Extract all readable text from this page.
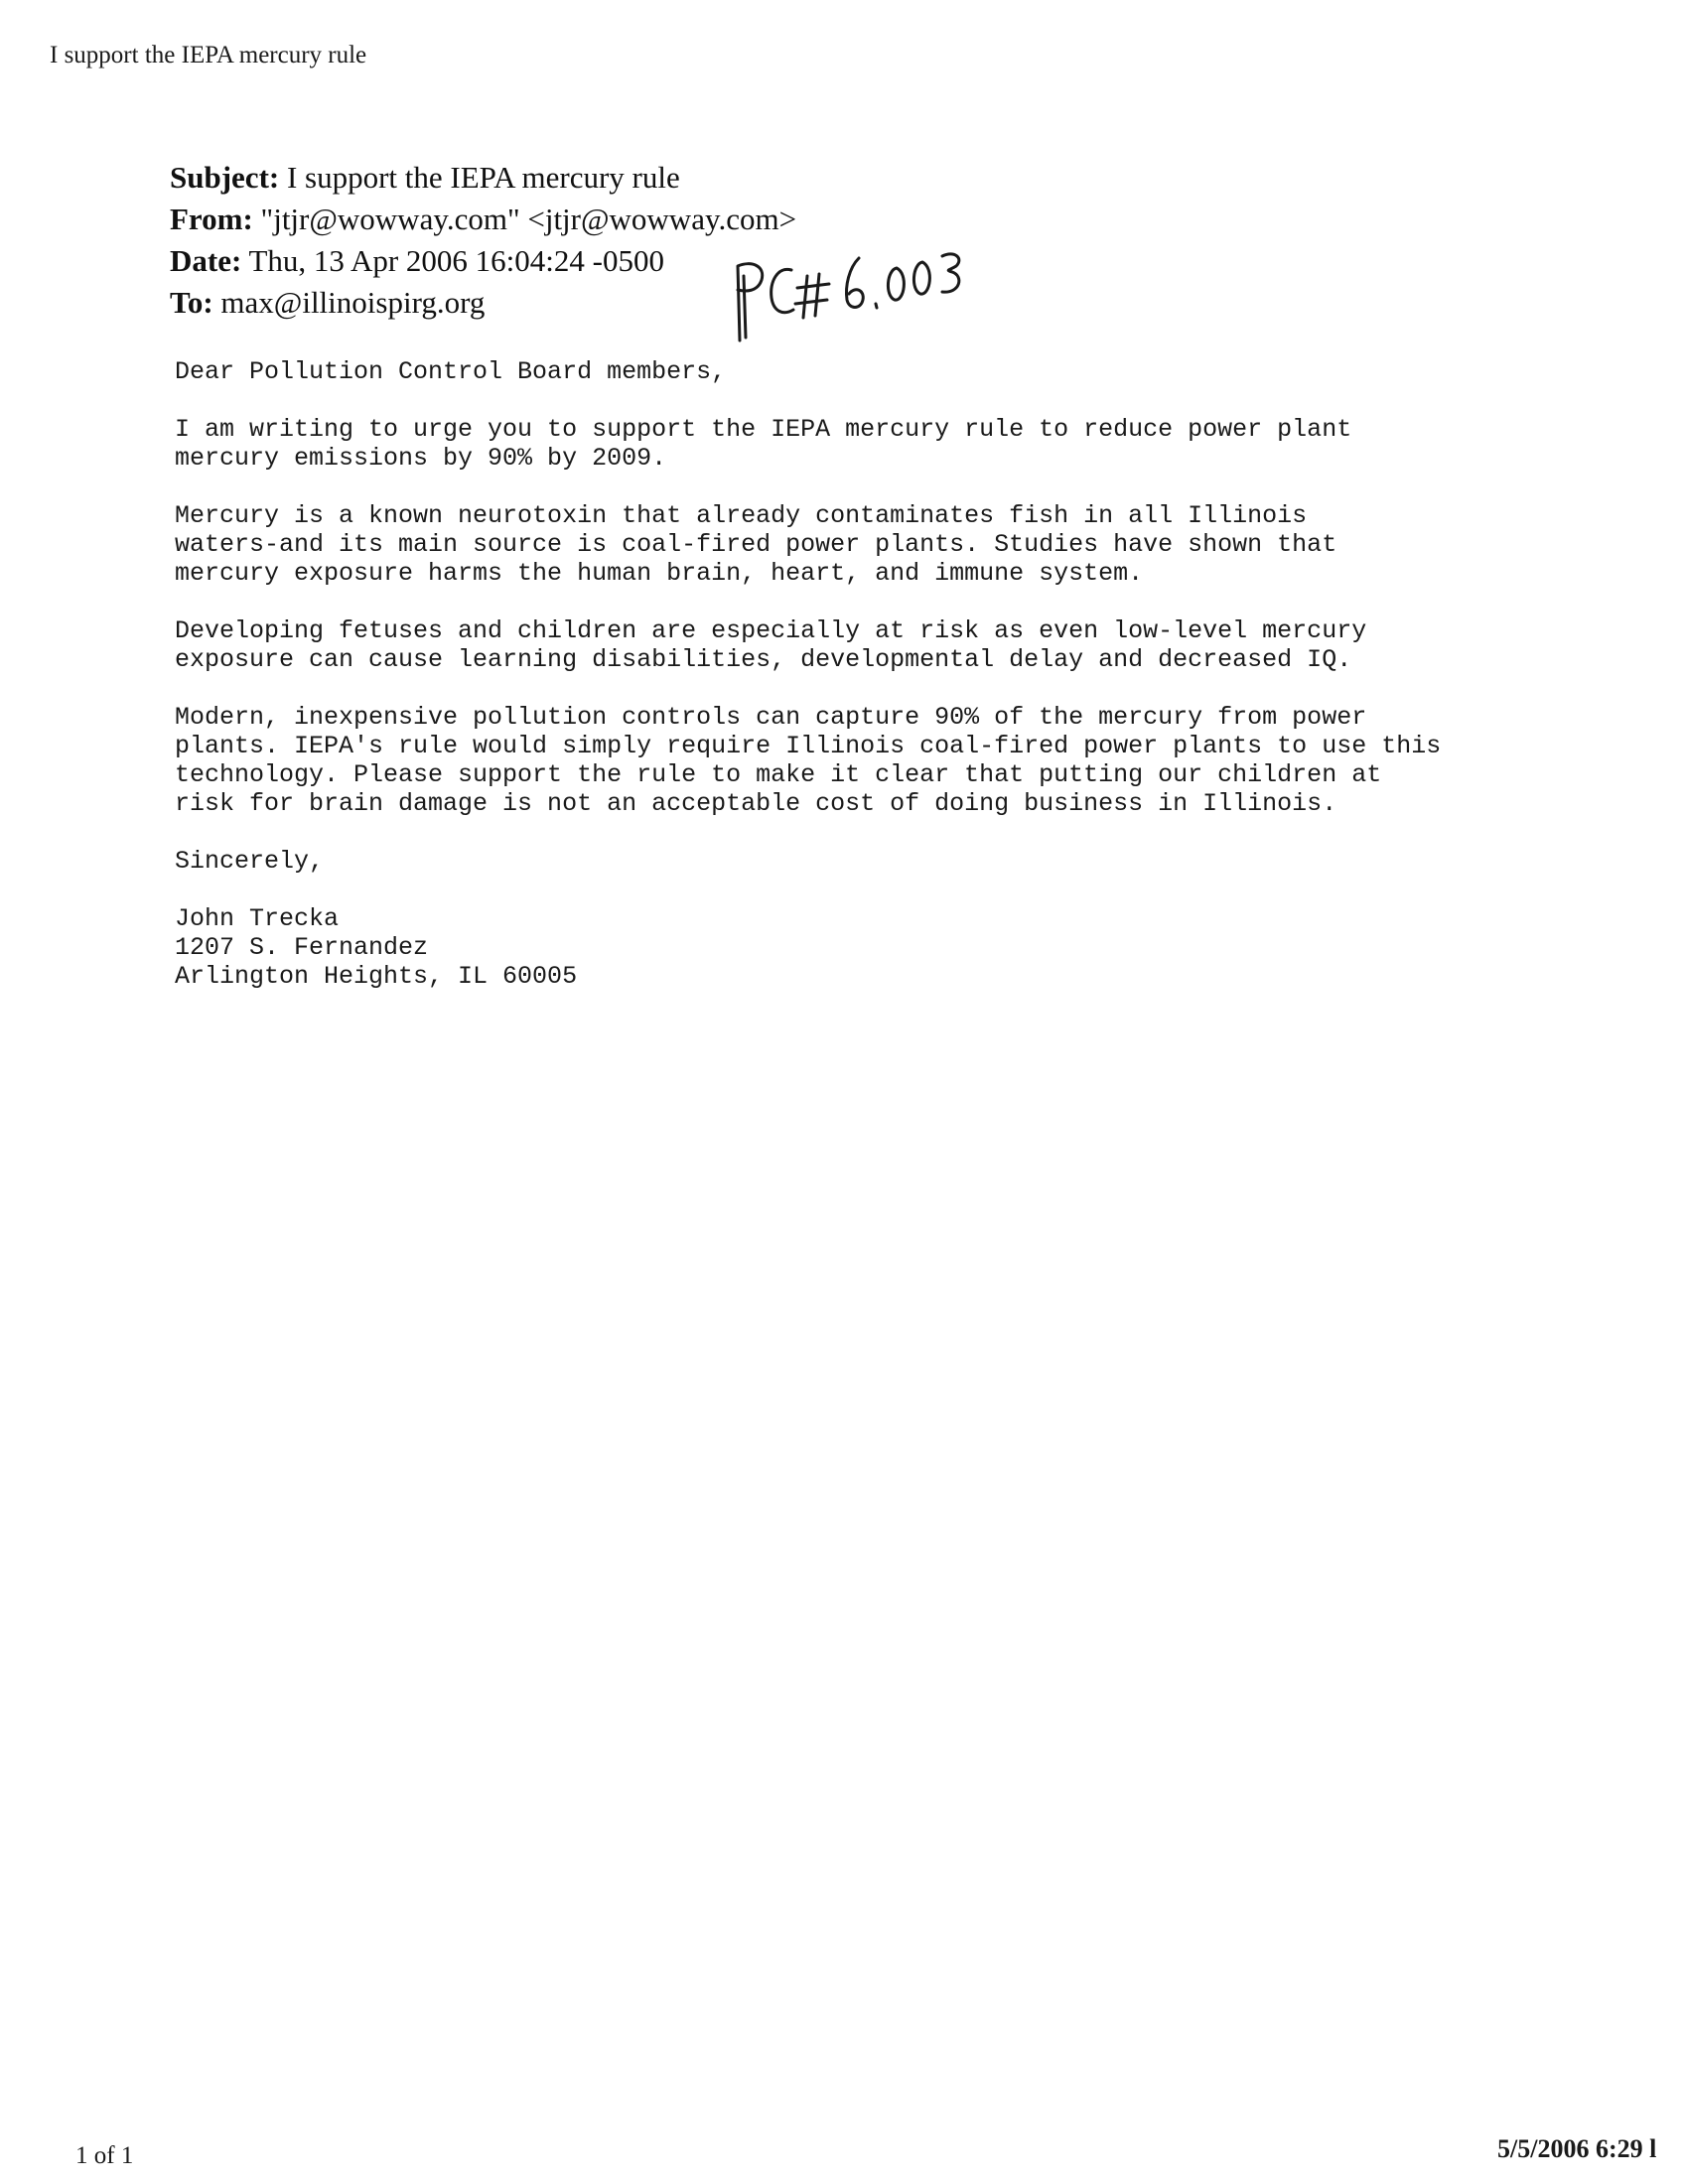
I support the IEPA mercury rule
Subject: I support the IEPA mercury rule
From: "jtjr@wowway.com" <jtjr@wowway.com>
Date: Thu, 13 Apr 2006 16:04:24 -0500
To: max@illinoispirg.org

Dear Pollution Control Board members,

I am writing to urge you to support the IEPA mercury rule to reduce power plant
mercury emissions by 90% by 2009.

Mercury is a known neurotoxin that already contaminates fish in all Illinois
waters-and its main source is coal-fired power plants. Studies have shown that
mercury exposure harms the human brain, heart, and immune system.

Developing fetuses and children are especially at risk as even low-level mercury
exposure can cause learning disabilities, developmental delay and decreased IQ.

Modern, inexpensive pollution controls can capture 90% of the mercury from power
plants. IEPA's rule would simply require Illinois coal-fired power plants to use this
technology. Please support the rule to make it clear that putting our children at
risk for brain damage is not an acceptable cost of doing business in Illinois.

Sincerely,

John Trecka
1207 S. Fernandez
Arlington Heights, IL 60005

1 of 1	5/5/2006 6:29 l
